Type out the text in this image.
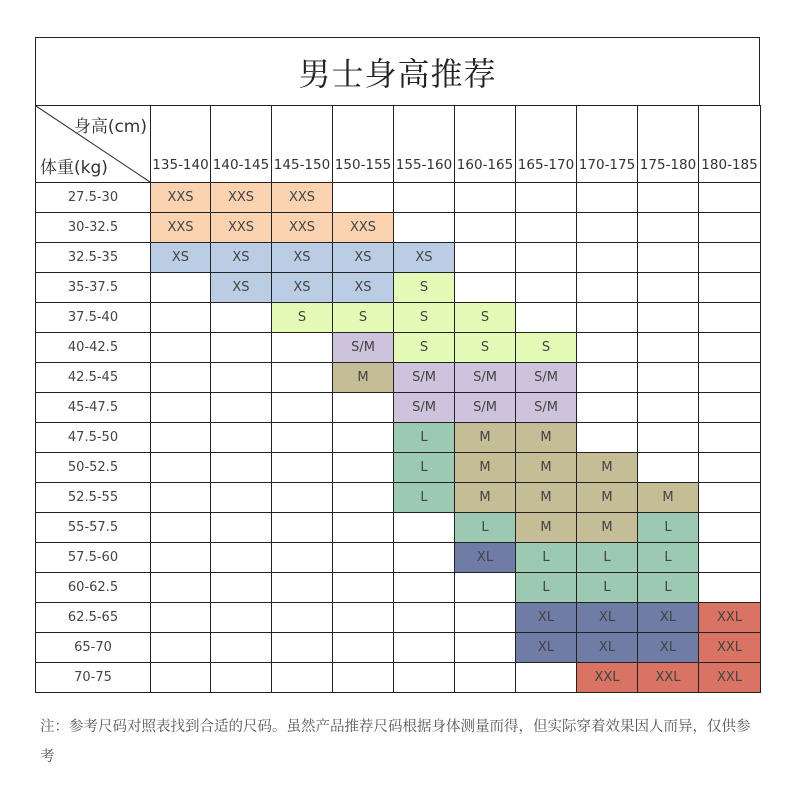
男士身高推荐
身高(cm)
体重(kg)	135-140	140-145	145-150	150-155	155-160	160-165	165-170	170-175	175-180	180-185

27.5-30	XXS	XXS	XXS							
30-32.5	XXS	XXS	XXS	XXS						
32.5-35	XS	XS	XS	XS	XS					
35-37.5		XS	XS	XS	S					
37.5-40			S	S	S	S				
40-42.5				S/M	S	S	S			
42.5-45				M	S/M	S/M	S/M			
45-47.5					S/M	S/M	S/M			
47.5-50					L	M	M			
50-52.5					L	M	M	M		
52.5-55					L	M	M	M	M	
55-57.5						L	M	M	L	
57.5-60						XL	L	L	L	
60-62.5							L	L	L	
62.5-65							XL	XL	XL	XXL
65-70							XL	XL	XL	XXL
70-75								XXL	XXL	XXL
注：参考尺码对照表找到合适的尺码。虽然产品推荐尺码根据身体测量而得，但实际穿着效果因人而异，仅供参考
